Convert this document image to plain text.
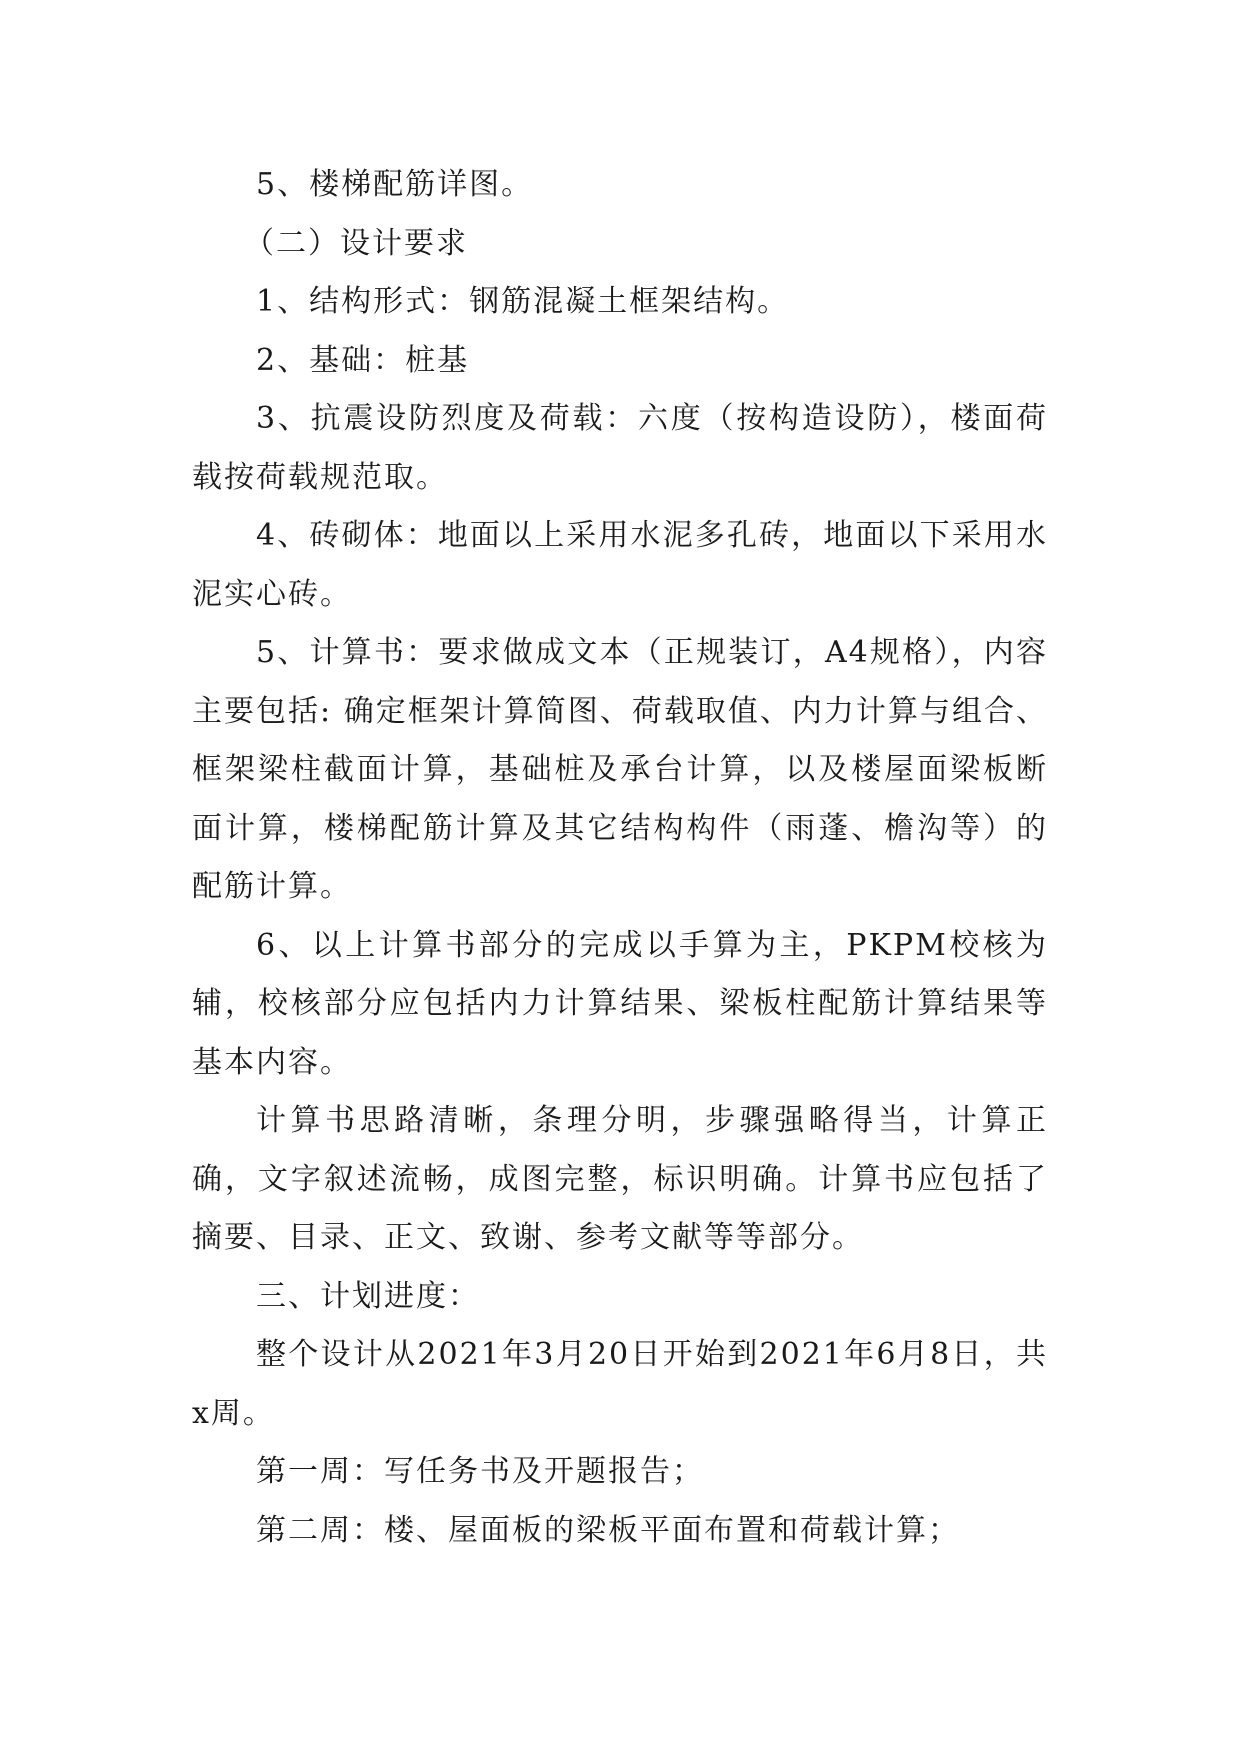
5、楼梯配筋详图。

（二）设计要求

1、结构形式：钢筋混凝土框架结构。

2、基础：桩基

3、抗震设防烈度及荷载：六度（按构造设防），楼面荷载按荷载规范取。

4、砖砌体：地面以上采用水泥多孔砖，地面以下采用水泥实心砖。

5、计算书：要求做成文本（正规装订，A4规格），内容主要包括: 确定框架计算简图、荷载取值、内力计算与组合、框架梁柱截面计算，基础桩及承台计算，以及楼屋面梁板断面计算，楼梯配筋计算及其它结构构件（雨蓬、檐沟等）的配筋计算。

6、以上计算书部分的完成以手算为主，PKPM校核为辅，校核部分应包括内力计算结果、梁板柱配筋计算结果等基本内容。

计算书思路清晰，条理分明，步骤强略得当，计算正确，文字叙述流畅，成图完整，标识明确。计算书应包括了摘要、目录、正文、致谢、参考文献等等部分。

三、计划进度：

整个设计从2021年3月20日开始到2021年6月8日，共x周。

第一周：写任务书及开题报告；

第二周：楼、屋面板的梁板平面布置和荷载计算；
